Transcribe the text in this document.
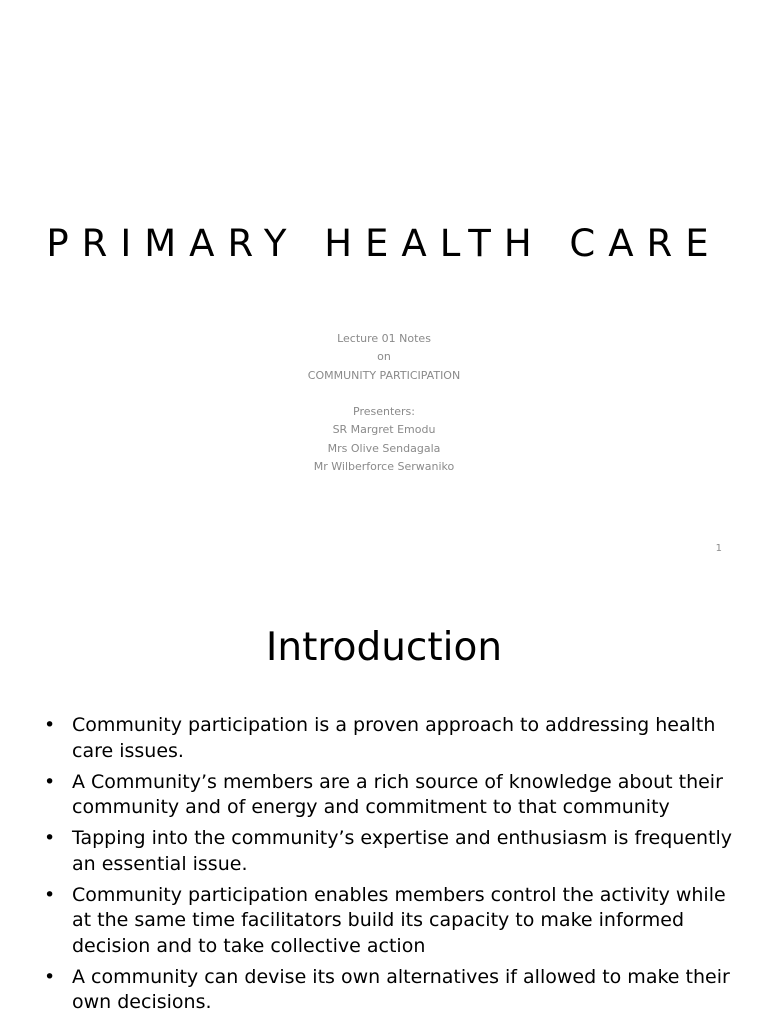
PRIMARY HEALTH CARE
Lecture 01 Notes
on
COMMUNITY PARTICIPATION
Presenters:
SR Margret Emodu
Mrs Olive Sendagala
Mr Wilberforce Serwaniko
1
Introduction
• Community participation is a proven approach to addressing health care issues.
• A Community’s members are a rich source of knowledge about their community and of energy and commitment to that community
• Tapping into the community’s expertise and enthusiasm is frequently an essential issue.
• Community participation enables members control the activity while at the same time facilitators build its capacity to make informed decision and to take collective action
• A community can devise its own alternatives if allowed to make their own decisions.
